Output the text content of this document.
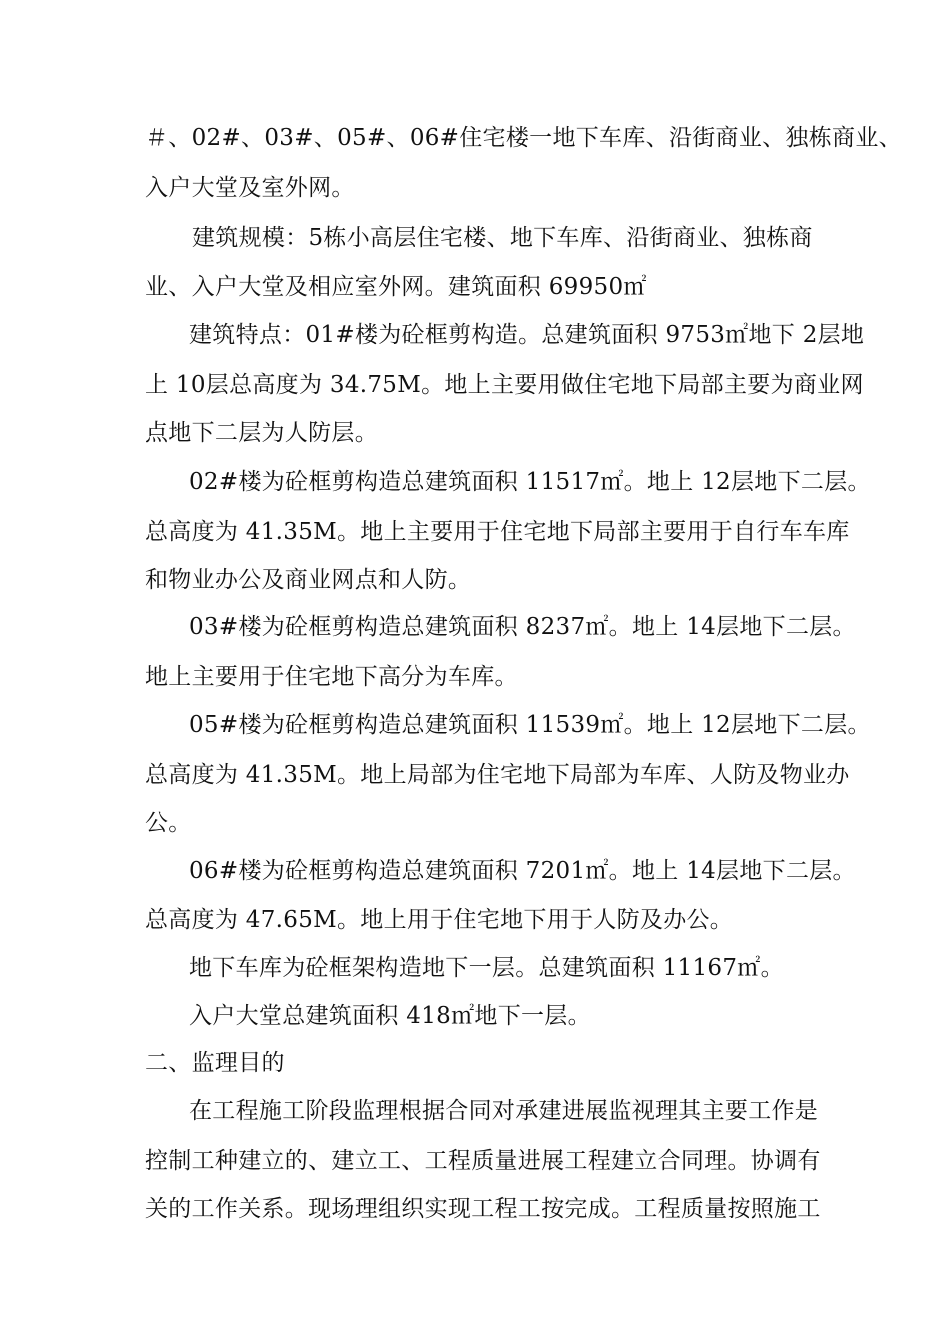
＃、02#、03#、05#、06#住宅楼一地下车库、沿街商业、独栋商业、
入户大堂及室外网。
建筑规模：5栋小高层住宅楼、地下车库、沿街商业、独栋商
业、入户大堂及相应室外网。建筑面积 69950㎡
建筑特点：01#楼为砼框剪构造。总建筑面积 9753㎡地下 2层地
上 10层总高度为 34.75M。地上主要用做住宅地下局部主要为商业网
点地下二层为人防层。
02#楼为砼框剪构造总建筑面积 11517㎡。地上 12层地下二层。
总高度为 41.35M。地上主要用于住宅地下局部主要用于自行车车库
和物业办公及商业网点和人防。
03#楼为砼框剪构造总建筑面积 8237㎡。地上 14层地下二层。
地上主要用于住宅地下高分为车库。
05#楼为砼框剪构造总建筑面积 11539㎡。地上 12层地下二层。
总高度为 41.35M。地上局部为住宅地下局部为车库、人防及物业办
公。
06#楼为砼框剪构造总建筑面积 7201㎡。地上 14层地下二层。
总高度为 47.65M。地上用于住宅地下用于人防及办公。
地下车库为砼框架构造地下一层。总建筑面积 11167㎡。
入户大堂总建筑面积 418㎡地下一层。
二、监理目的
在工程施工阶段监理根据合同对承建进展监视理其主要工作是
控制工种建立的、建立工、工程质量进展工程建立合同理。协调有
关的工作关系。现场理组织实现工程工按完成。工程质量按照施工
